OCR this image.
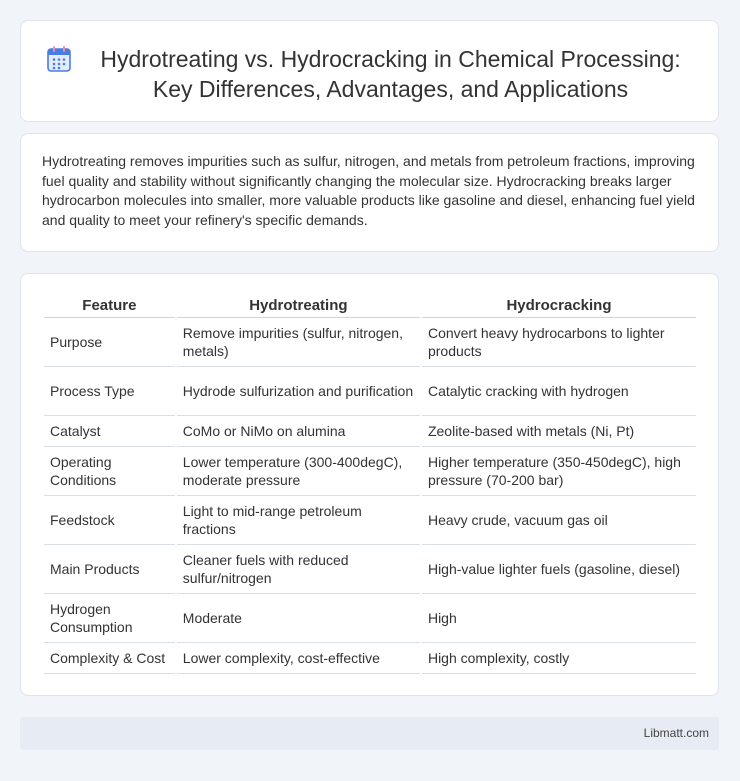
Hydrotreating vs. Hydrocracking in Chemical Processing: Key Differences, Advantages, and Applications

Hydrotreating removes impurities such as sulfur, nitrogen, and metals from petroleum fractions, improving fuel quality and stability without significantly changing the molecular size. Hydrocracking breaks larger hydrocarbon molecules into smaller, more valuable products like gasoline and diesel, enhancing fuel yield and quality to meet your refinery's specific demands.

Feature	Hydrotreating	Hydrocracking
Purpose	Remove impurities (sulfur, nitrogen, metals)	Convert heavy hydrocarbons to lighter products
Process Type	Hydrode sulfurization and purification	Catalytic cracking with hydrogen
Catalyst	CoMo or NiMo on alumina	Zeolite-based with metals (Ni, Pt)
Operating Conditions	Lower temperature (300-400degC), moderate pressure	Higher temperature (350-450degC), high pressure (70-200 bar)
Feedstock	Light to mid-range petroleum fractions	Heavy crude, vacuum gas oil
Main Products	Cleaner fuels with reduced sulfur/nitrogen	High-value lighter fuels (gasoline, diesel)
Hydrogen Consumption	Moderate	High
Complexity & Cost	Lower complexity, cost-effective	High complexity, costly
Libmatt.com
